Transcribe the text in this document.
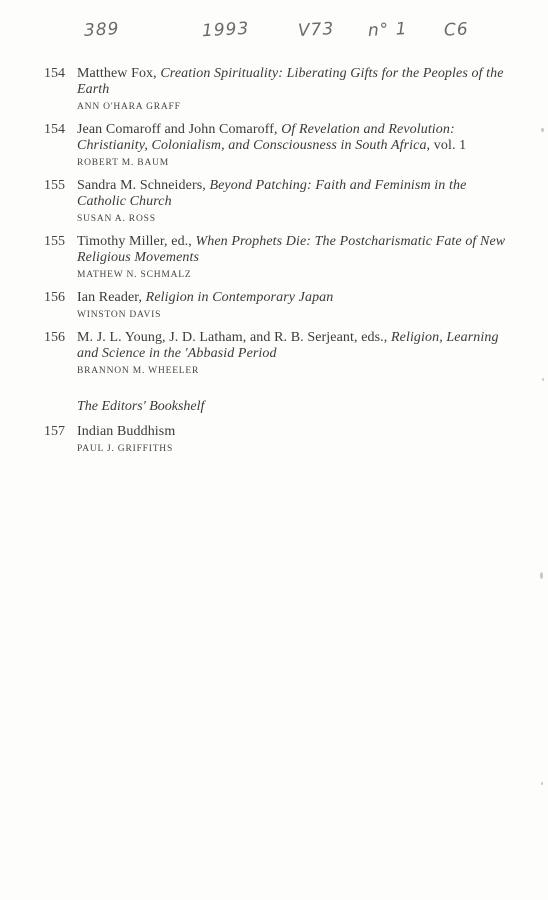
389	1993	V73 n° 1 C6
154 Matthew Fox, Creation Spirituality: Liberating Gifts for the Peoples of the Earth
ANN O'HARA GRAFF
154 Jean Comaroff and John Comaroff, Of Revelation and Revolution: Christianity, Colonialism, and Consciousness in South Africa, vol. 1
ROBERT M. BAUM
155 Sandra M. Schneiders, Beyond Patching: Faith and Feminism in the Catholic Church
SUSAN A. ROSS
155 Timothy Miller, ed., When Prophets Die: The Postcharismatic Fate of New Religious Movements
MATHEW N. SCHMALZ
156 Ian Reader, Religion in Contemporary Japan
WINSTON DAVIS
156 M. J. L. Young, J. D. Latham, and R. B. Serjeant, eds., Religion, Learning and Science in the 'Abbasid Period
BRANNON M. WHEELER
The Editors' Bookshelf
157 Indian Buddhism
PAUL J. GRIFFITHS
